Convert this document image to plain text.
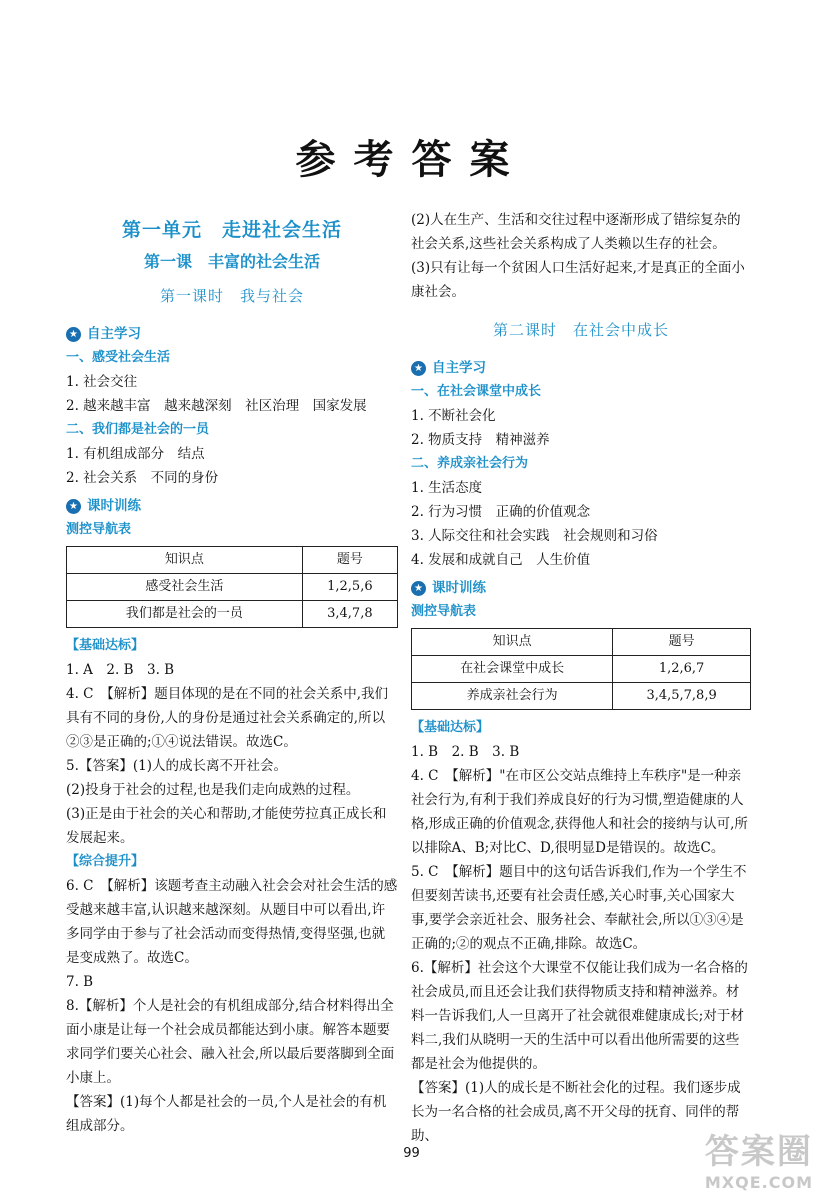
参考答案
第一单元　走进社会生活
第一课　丰富的社会生活
第一课时　我与社会
★ 自主学习

一、感受社会生活

1. 社会交往

2. 越来越丰富　越来越深刻　社区治理　国家发展

二、我们都是社会的一员

1. 有机组成部分　结点

2. 社会关系　不同的身份

★ 课时训练

测控导航表

知识点	题号
感受社会生活	1,2,5,6
我们都是社会的一员	3,4,7,8

【基础达标】

1. A　2. B　3. B

4. C　【解析】题目体现的是在不同的社会关系中,我们具有不同的身份,人的身份是通过社会关系确定的,所以②③是正确的;①④说法错误。故选C。

5.【答案】(1)人的成长离不开社会。

(2)投身于社会的过程,也是我们走向成熟的过程。

(3)正是由于社会的关心和帮助,才能使劳拉真正成长和发展起来。

【综合提升】

6. C　【解析】该题考查主动融入社会会对社会生活的感受越来越丰富,认识越来越深刻。从题目中可以看出,许多同学由于参与了社会活动而变得热情,变得坚强,也就是变成熟了。故选C。

7. B

8.【解析】个人是社会的有机组成部分,结合材料得出全面小康是让每一个社会成员都能达到小康。解答本题要求同学们要关心社会、融入社会,所以最后要落脚到全面小康上。

【答案】(1)每个人都是社会的一员,个人是社会的有机组成部分。

(2)人在生产、生活和交往过程中逐渐形成了错综复杂的社会关系,这些社会关系构成了人类赖以生存的社会。

(3)只有让每一个贫困人口生活好起来,才是真正的全面小康社会。

第二课时　在社会中成长
★ 自主学习

一、在社会课堂中成长

1. 不断社会化

2. 物质支持　精神滋养

二、养成亲社会行为

1. 生活态度

2. 行为习惯　正确的价值观念

3. 人际交往和社会实践　社会规则和习俗

4. 发展和成就自己　人生价值

★ 课时训练

测控导航表

知识点	题号
在社会课堂中成长	1,2,6,7
养成亲社会行为	3,4,5,7,8,9

【基础达标】

1. B　2. B　3. B

4. C　【解析】"在市区公交站点维持上车秩序"是一种亲社会行为,有利于我们养成良好的行为习惯,塑造健康的人格,形成正确的价值观念,获得他人和社会的接纳与认可,所以排除A、B;对比C、D,很明显D是错误的。故选C。

5. C　【解析】题目中的这句话告诉我们,作为一个学生不但要刻苦读书,还要有社会责任感,关心时事,关心国家大事,要学会亲近社会、服务社会、奉献社会,所以①③④是正确的;②的观点不正确,排除。故选C。

6.【解析】社会这个大课堂不仅能让我们成为一名合格的社会成员,而且还会让我们获得物质支持和精神滋养。材料一告诉我们,人一旦离开了社会就很难健康成长;对于材料二,我们从晓明一天的生活中可以看出他所需要的这些都是社会为他提供的。

【答案】(1)人的成长是不断社会化的过程。我们逐步成长为一名合格的社会成员,离不开父母的抚育、同伴的帮助、

99	答案圈
MXQE.COM
